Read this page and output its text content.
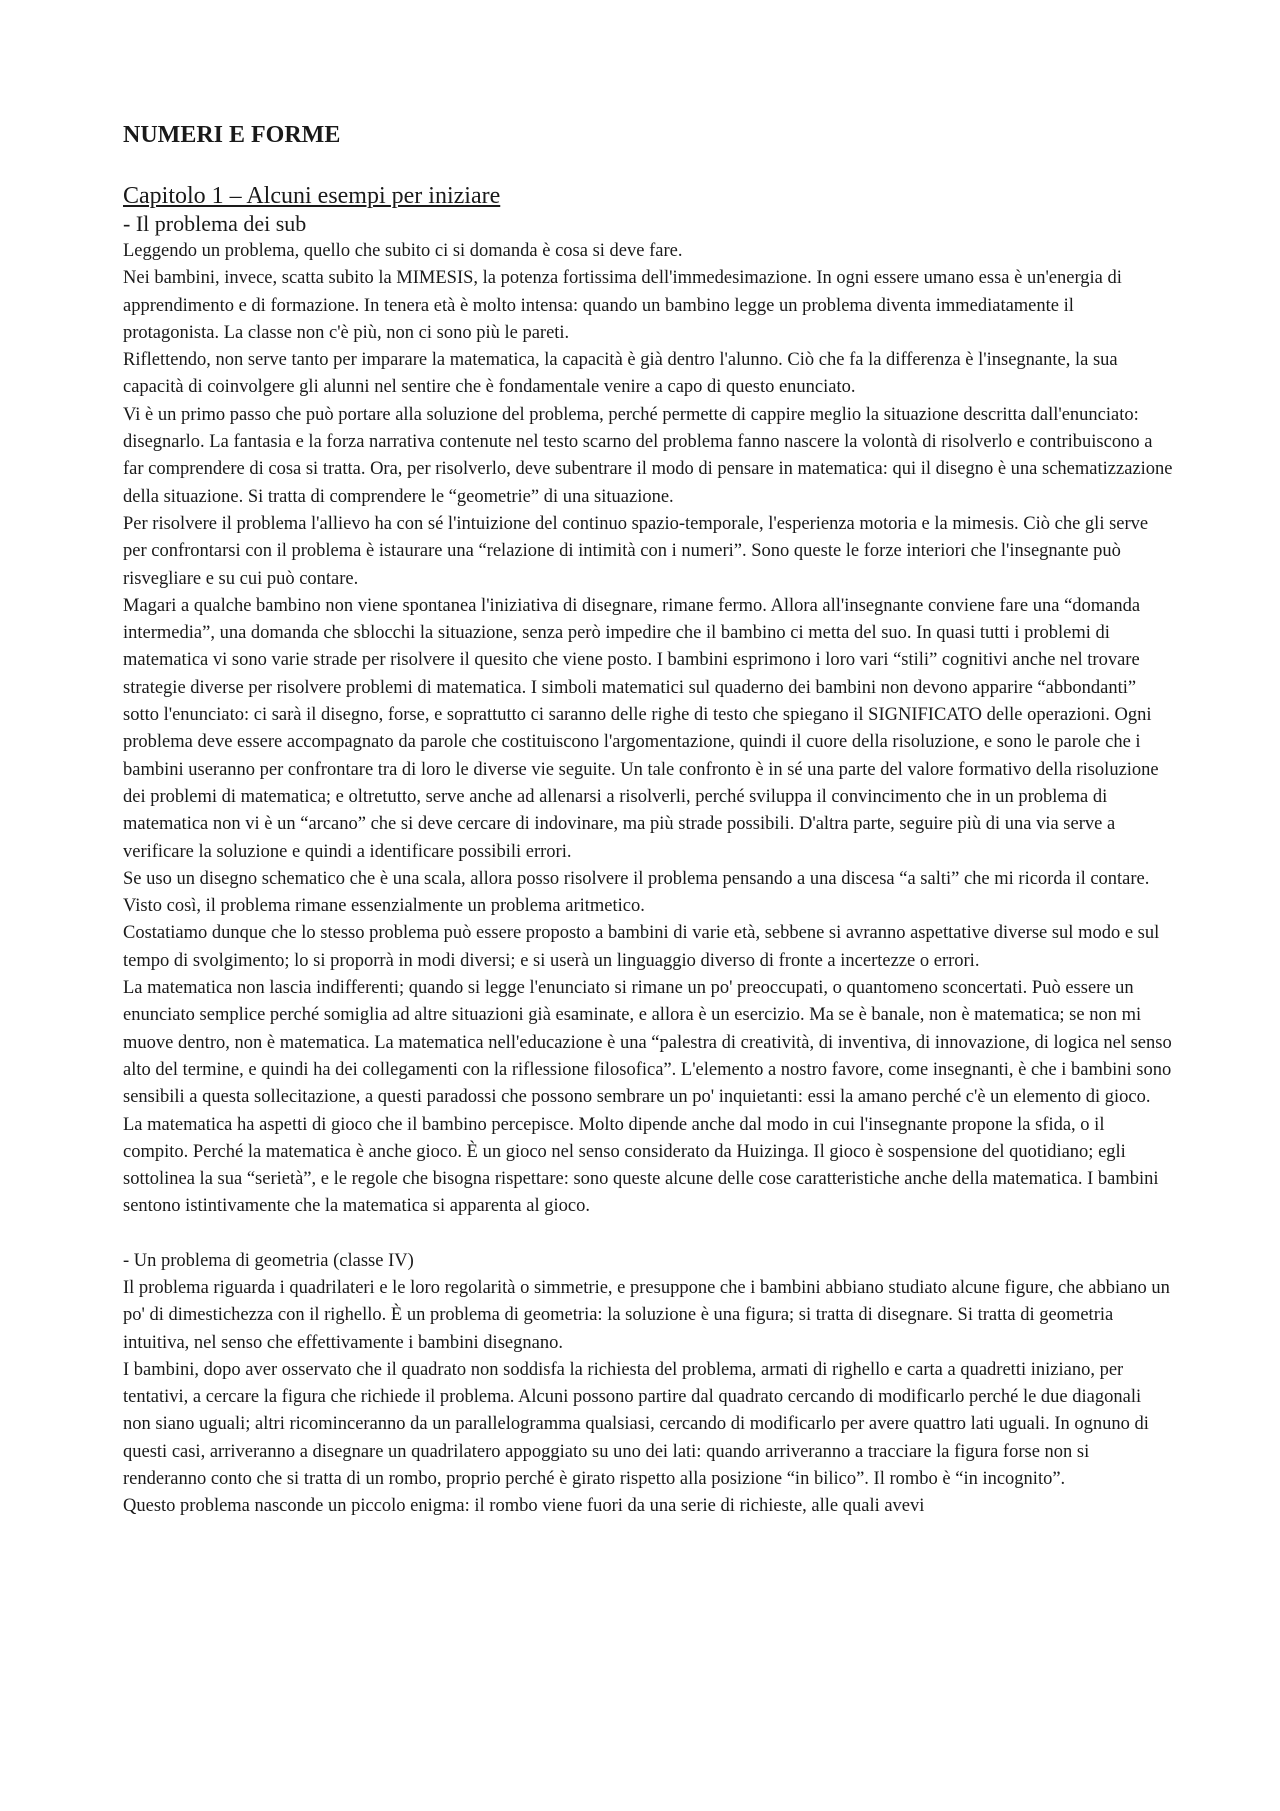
NUMERI E FORME
Capitolo 1 – Alcuni esempi per iniziare
- Il problema dei sub

Leggendo un problema, quello che subito ci si domanda è cosa si deve fare.

Nei bambini, invece, scatta subito la MIMESIS, la potenza fortissima dell'immedesimazione. In ogni essere umano essa è un'energia di apprendimento e di formazione. In tenera età è molto intensa: quando un bambino legge un problema diventa immediatamente il protagonista. La classe non c'è più, non ci sono più le pareti.

Riflettendo, non serve tanto per imparare la matematica, la capacità è già dentro l'alunno. Ciò che fa la differenza è l'insegnante, la sua capacità di coinvolgere gli alunni nel sentire che è fondamentale venire a capo di questo enunciato.

Vi è un primo passo che può portare alla soluzione del problema, perché permette di cappire meglio la situazione descritta dall'enunciato: disegnarlo. La fantasia e la forza narrativa contenute nel testo scarno del problema fanno nascere la volontà di risolverlo e contribuiscono a far comprendere di cosa si tratta. Ora, per risolverlo, deve subentrare il modo di pensare in matematica: qui il disegno è una schematizzazione della situazione. Si tratta di comprendere le “geometrie” di una situazione.

Per risolvere il problema l'allievo ha con sé l'intuizione del continuo spazio-temporale, l'esperienza motoria e la mimesis. Ciò che gli serve per confrontarsi con il problema è istaurare una “relazione di intimità con i numeri”. Sono queste le forze interiori che l'insegnante può risvegliare e su cui può contare.

Magari a qualche bambino non viene spontanea l'iniziativa di disegnare, rimane fermo. Allora all'insegnante conviene fare una “domanda intermedia”, una domanda che sblocchi la situazione, senza però impedire che il bambino ci metta del suo. In quasi tutti i problemi di matematica vi sono varie strade per risolvere il quesito che viene posto. I bambini esprimono i loro vari “stili” cognitivi anche nel trovare strategie diverse per risolvere problemi di matematica. I simboli matematici sul quaderno dei bambini non devono apparire “abbondanti” sotto l'enunciato: ci sarà il disegno, forse, e soprattutto ci saranno delle righe di testo che spiegano il SIGNIFICATO delle operazioni. Ogni problema deve essere accompagnato da parole che costituiscono l'argomentazione, quindi il cuore della risoluzione, e sono le parole che i bambini useranno per confrontare tra di loro le diverse vie seguite. Un tale confronto è in sé una parte del valore formativo della risoluzione dei problemi di matematica; e oltretutto, serve anche ad allenarsi a risolverli, perché sviluppa il convincimento che in un problema di matematica non vi è un “arcano” che si deve cercare di indovinare, ma più strade possibili. D'altra parte, seguire più di una via serve a verificare la soluzione e quindi a identificare possibili errori.

Se uso un disegno schematico che è una scala, allora posso risolvere il problema pensando a una discesa “a salti” che mi ricorda il contare. Visto così, il problema rimane essenzialmente un problema aritmetico.

Costatiamo dunque che lo stesso problema può essere proposto a bambini di varie età, sebbene si avranno aspettative diverse sul modo e sul tempo di svolgimento; lo si proporrà in modi diversi; e si userà un linguaggio diverso di fronte a incertezze o errori.

La matematica non lascia indifferenti; quando si legge l'enunciato si rimane un po' preoccupati, o quantomeno sconcertati. Può essere un enunciato semplice perché somiglia ad altre situazioni già esaminate, e allora è un esercizio. Ma se è banale, non è matematica; se non mi muove dentro, non è matematica. La matematica nell'educazione è una “palestra di creatività, di inventiva, di innovazione, di logica nel senso alto del termine, e quindi ha dei collegamenti con la riflessione filosofica”. L'elemento a nostro favore, come insegnanti, è che i bambini sono sensibili a questa sollecitazione, a questi paradossi che possono sembrare un po' inquietanti: essi la amano perché c'è un elemento di gioco. La matematica ha aspetti di gioco che il bambino percepisce. Molto dipende anche dal modo in cui l'insegnante propone la sfida, o il compito. Perché la matematica è anche gioco. È un gioco nel senso considerato da Huizinga. Il gioco è sospensione del quotidiano; egli sottolinea la sua “serietà”, e le regole che bisogna rispettare: sono queste alcune delle cose caratteristiche anche della matematica. I bambini sentono istintivamente che la matematica si apparenta al gioco.

- Un problema di geometria (classe IV)

Il problema riguarda i quadrilateri e le loro regolarità o simmetrie, e presuppone che i bambini abbiano studiato alcune figure, che abbiano un po' di dimestichezza con il righello. È un problema di geometria: la soluzione è una figura; si tratta di disegnare. Si tratta di geometria intuitiva, nel senso che effettivamente i bambini disegnano.

I bambini, dopo aver osservato che il quadrato non soddisfa la richiesta del problema, armati di righello e carta a quadretti iniziano, per tentativi, a cercare la figura che richiede il problema. Alcuni possono partire dal quadrato cercando di modificarlo perché le due diagonali non siano uguali; altri ricominceranno da un parallelogramma qualsiasi, cercando di modificarlo per avere quattro lati uguali. In ognuno di questi casi, arriveranno a disegnare un quadrilatero appoggiato su uno dei lati: quando arriveranno a tracciare la figura forse non si renderanno conto che si tratta di un rombo, proprio perché è girato rispetto alla posizione “in bilico”. Il rombo è “in incognito”.

Questo problema nasconde un piccolo enigma: il rombo viene fuori da una serie di richieste, alle quali avevi
